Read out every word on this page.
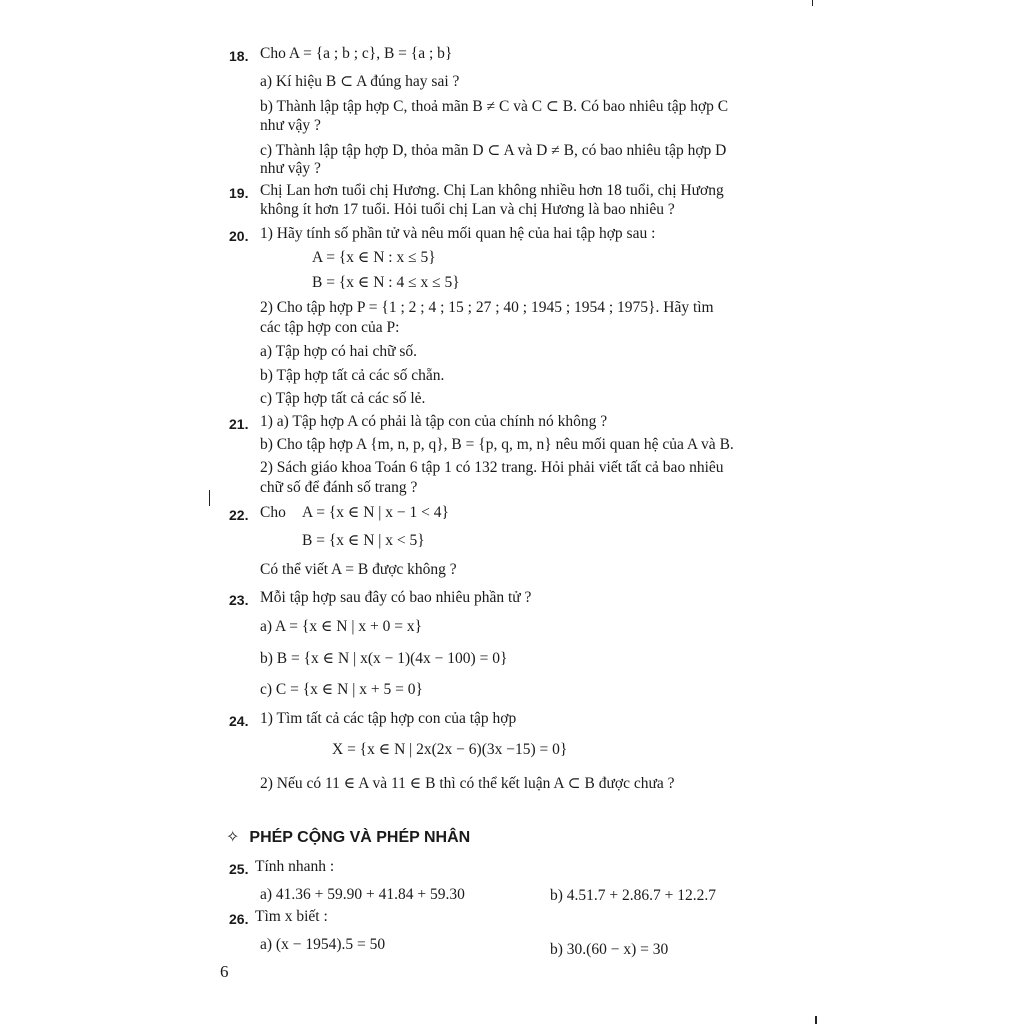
18. Cho A = {a ; b ; c}, B = {a ; b}
a) Kí hiệu B ⊂ A đúng hay sai ?
b) Thành lập tập hợp C, thoả mãn B ≠ C và C ⊂ B. Có bao nhiêu tập hợp C
như vậy ?
c) Thành lập tập hợp D, thỏa mãn D ⊂ A và D ≠ B, có bao nhiêu tập hợp D
như vậy ?
19. Chị Lan hơn tuổi chị Hương. Chị Lan không nhiều hơn 18 tuổi, chị Hương
không ít hơn 17 tuổi. Hỏi tuổi chị Lan và chị Hương là bao nhiêu ?
20. 1) Hãy tính số phần tử và nêu mối quan hệ của hai tập hợp sau :
A = {x ∈ N : x ≤ 5}
B = {x ∈ N : 4 ≤ x ≤ 5}
2) Cho tập hợp P = {1 ; 2 ; 4 ; 15 ; 27 ; 40 ; 1945 ; 1954 ; 1975}. Hãy tìm
các tập hợp con của P:
a) Tập hợp có hai chữ số.
b) Tập hợp tất cả các số chẵn.
c) Tập hợp tất cả các số lẻ.
21. 1) a) Tập hợp A có phải là tập con của chính nó không ?
b) Cho tập hợp A {m, n, p, q}, B = {p, q, m, n} nêu mối quan hệ của A và B.
2) Sách giáo khoa Toán 6 tập 1 có 132 trang. Hỏi phải viết tất cả bao nhiêu
chữ số để đánh số trang ?
22. Cho A = {x ∈ N | x − 1 < 4}
B = {x ∈ N | x < 5}
Có thể viết A = B được không ?
23. Mỗi tập hợp sau đây có bao nhiêu phần tử ?
a) A = {x ∈ N | x + 0 = x}
b) B = {x ∈ N | x(x − 1)(4x − 100) = 0}
c) C = {x ∈ N | x + 5 = 0}
24. 1) Tìm tất cả các tập hợp con của tập hợp
X = {x ∈ N | 2x(2x − 6)(3x −15) = 0}
2) Nếu có 11 ∈ A và 11 ∈ B thì có thể kết luận A ⊂ B được chưa ?
✧ PHÉP CỘNG VÀ PHÉP NHÂN
25. Tính nhanh :
a) 41.36 + 59.90 + 41.84 + 59.30	b) 4.51.7 + 2.86.7 + 12.2.7
26. Tìm x biết :
a) (x − 1954).5 = 50	b) 30.(60 − x) = 30
6
